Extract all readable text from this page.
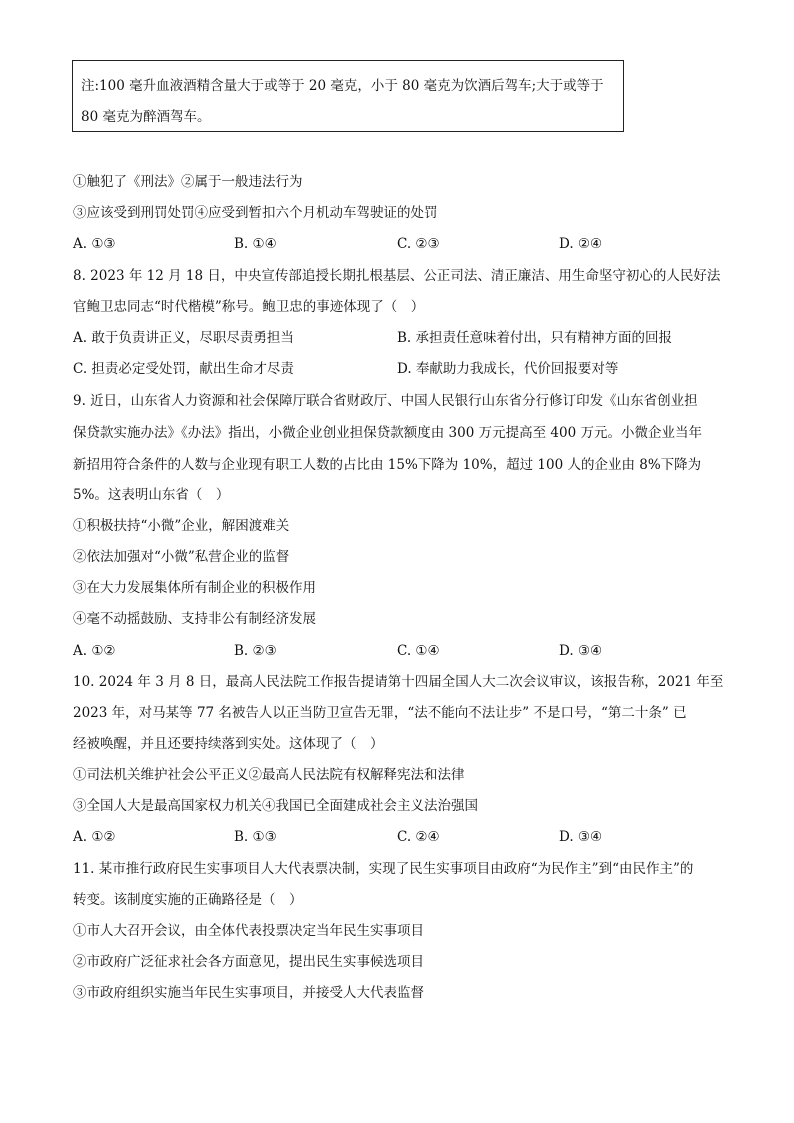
注:100 毫升血液酒精含量大于或等于 20 毫克，小于 80 毫克为饮酒后驾车;大于或等于
80 毫克为醉酒驾车。
①触犯了《刑法》②属于一般违法行为
③应该受到刑罚处罚④应受到暂扣六个月机动车驾驶证的处罚
A. ①③	B. ①④	C. ②③	D. ②④
8. 2023 年 12 月 18 日，中央宣传部追授长期扎根基层、公正司法、清正廉洁、用生命坚守初心的人民好法
官鲍卫忠同志“时代楷模”称号。鲍卫忠的事迹体现了（　）
A. 敢于负责讲正义，尽职尽责勇担当	B. 承担责任意味着付出，只有精神方面的回报
C. 担责必定受处罚，献出生命才尽责	D. 奉献助力我成长，代价回报要对等
9. 近日，山东省人力资源和社会保障厅联合省财政厅、中国人民银行山东省分行修订印发《山东省创业担
保贷款实施办法》《办法》指出，小微企业创业担保贷款额度由 300 万元提高至 400 万元。小微企业当年
新招用符合条件的人数与企业现有职工人数的占比由 15%下降为 10%，超过 100 人的企业由 8%下降为
5%。这表明山东省（　）
①积极扶持“小微”企业，解困渡难关
②依法加强对“小微”私营企业的监督
③在大力发展集体所有制企业的积极作用
④毫不动摇鼓励、支持非公有制经济发展
A. ①②	B. ②③	C. ①④	D. ③④
10. 2024 年 3 月 8 日，最高人民法院工作报告提请第十四届全国人大二次会议审议，该报告称，2021 年至
2023 年，对马某等 77 名被告人以正当防卫宣告无罪，“法不能向不法让步” 不是口号，“第二十条” 已
经被唤醒，并且还要持续落到实处。这体现了（　）
①司法机关维护社会公平正义②最高人民法院有权解释宪法和法律
③全国人大是最高国家权力机关④我国已全面建成社会主义法治强国
A. ①②	B. ①③	C. ②④	D. ③④
11. 某市推行政府民生实事项目人大代表票决制，实现了民生实事项目由政府“为民作主”到“由民作主”的
转变。该制度实施的正确路径是（　）
①市人大召开会议，由全体代表投票决定当年民生实事项目
②市政府广泛征求社会各方面意见，提出民生实事候选项目
③市政府组织实施当年民生实事项目，并接受人大代表监督
